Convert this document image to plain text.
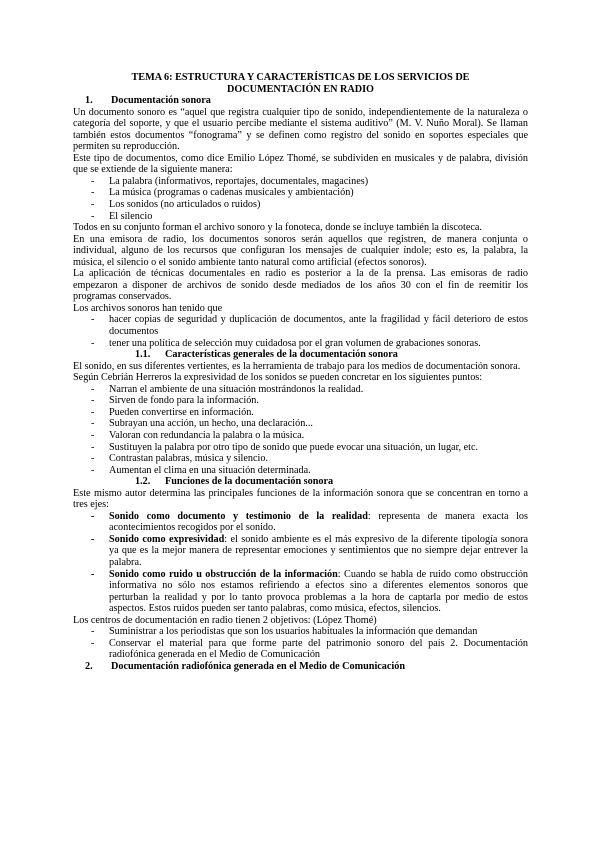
TEMA 6: ESTRUCTURA Y CARACTERÍSTICAS DE LOS SERVICIOS DE
DOCUMENTACIÓN EN RADIO
1. Documentación sonora

Un documento sonoro es “aquel que registra cualquier tipo de sonido, independientemente de la naturaleza o categoría del soporte, y que el usuario percibe mediante el sistema auditivo” (M. V. Nuño Moral). Se llaman también estos documentos “fonograma” y se definen como registro del sonido en soportes especiales que permiten su reproducción.

Este tipo de documentos, como dice Emilio López Thomé, se subdividen en musicales y de palabra, división que se extiende de la siguiente manera:

- La palabra (informativos, reportajes, documentales, magacines)
- La música (programas o cadenas musicales y ambientación)
- Los sonidos (no articulados o ruidos)
- El silencio

Todos en su conjunto forman el archivo sonoro y la fonoteca, donde se incluye también la discoteca.

En una emisora de radio, los documentos sonoros serán aquellos que registren, de manera conjunta o individual, alguno de los recursos que configuran los mensajes de cualquier índole; esto es, la palabra, la música, el silencio o el sonido ambiente tanto natural como artificial (efectos sonoros).

La aplicación de técnicas documentales en radio es posterior a la de la prensa. Las emisoras de radio empezaron a disponer de archivos de sonido desde mediados de los años 30 con el fin de reemitir los programas conservados.

Los archivos sonoros han tenido que

- hacer copias de seguridad y duplicación de documentos, ante la fragilidad y fácil deterioro de estos documentos
- tener una política de selección muy cuidadosa por el gran volumen de grabaciones sonoras.
1.1. Características generales de la documentación sonora

El sonido, en sus diferentes vertientes, es la herramienta de trabajo para los medios de documentación sonora.

Según Cebrián Herreros la expresividad de los sonidos se pueden concretar en los siguientes puntos:

- Narran el ambiente de una situación mostrándonos la realidad.
- Sirven de fondo para la información.
- Pueden convertirse en información.
- Subrayan una acción, un hecho, una declaración...
- Valoran con redundancia la palabra o la música.
- Sustituyen la palabra por otro tipo de sonido que puede evocar una situación, un lugar, etc.
- Contrastan palabras, música y silencio.
- Aumentan el clima en una situación determinada.
1.2. Funciones de la documentación sonora

Este mismo autor determina las principales funciones de la información sonora que se concentran en torno a tres ejes:

- Sonido como documento y testimonio de la realidad: representa de manera exacta los acontecimientos recogidos por el sonido.
- Sonido como expresividad: el sonido ambiente es el más expresivo de la diferente tipología sonora ya que es la mejor manera de representar emociones y sentimientos que no siempre dejar entrever la palabra.
- Sonido como ruido u obstrucción de la información: Cuando se habla de ruido como obstrucción informativa no sólo nos estamos refiriendo a efectos sino a diferentes elementos sonoros que perturban la realidad y por lo tanto provoca problemas a la hora de captarla por medio de estos aspectos. Estos ruidos pueden ser tanto palabras, como música, efectos, silencios.

Los centros de documentación en radio tienen 2 objetivos: (López Thomé)

- Suministrar a los periodistas que son los usuarios habituales la información que demandan
- Conservar el material para que forme parte del patrimonio sonoro del país 2. Documentación radiofónica generada en el Medio de Comunicación
2. Documentación radiofónica generada en el Medio de Comunicación
